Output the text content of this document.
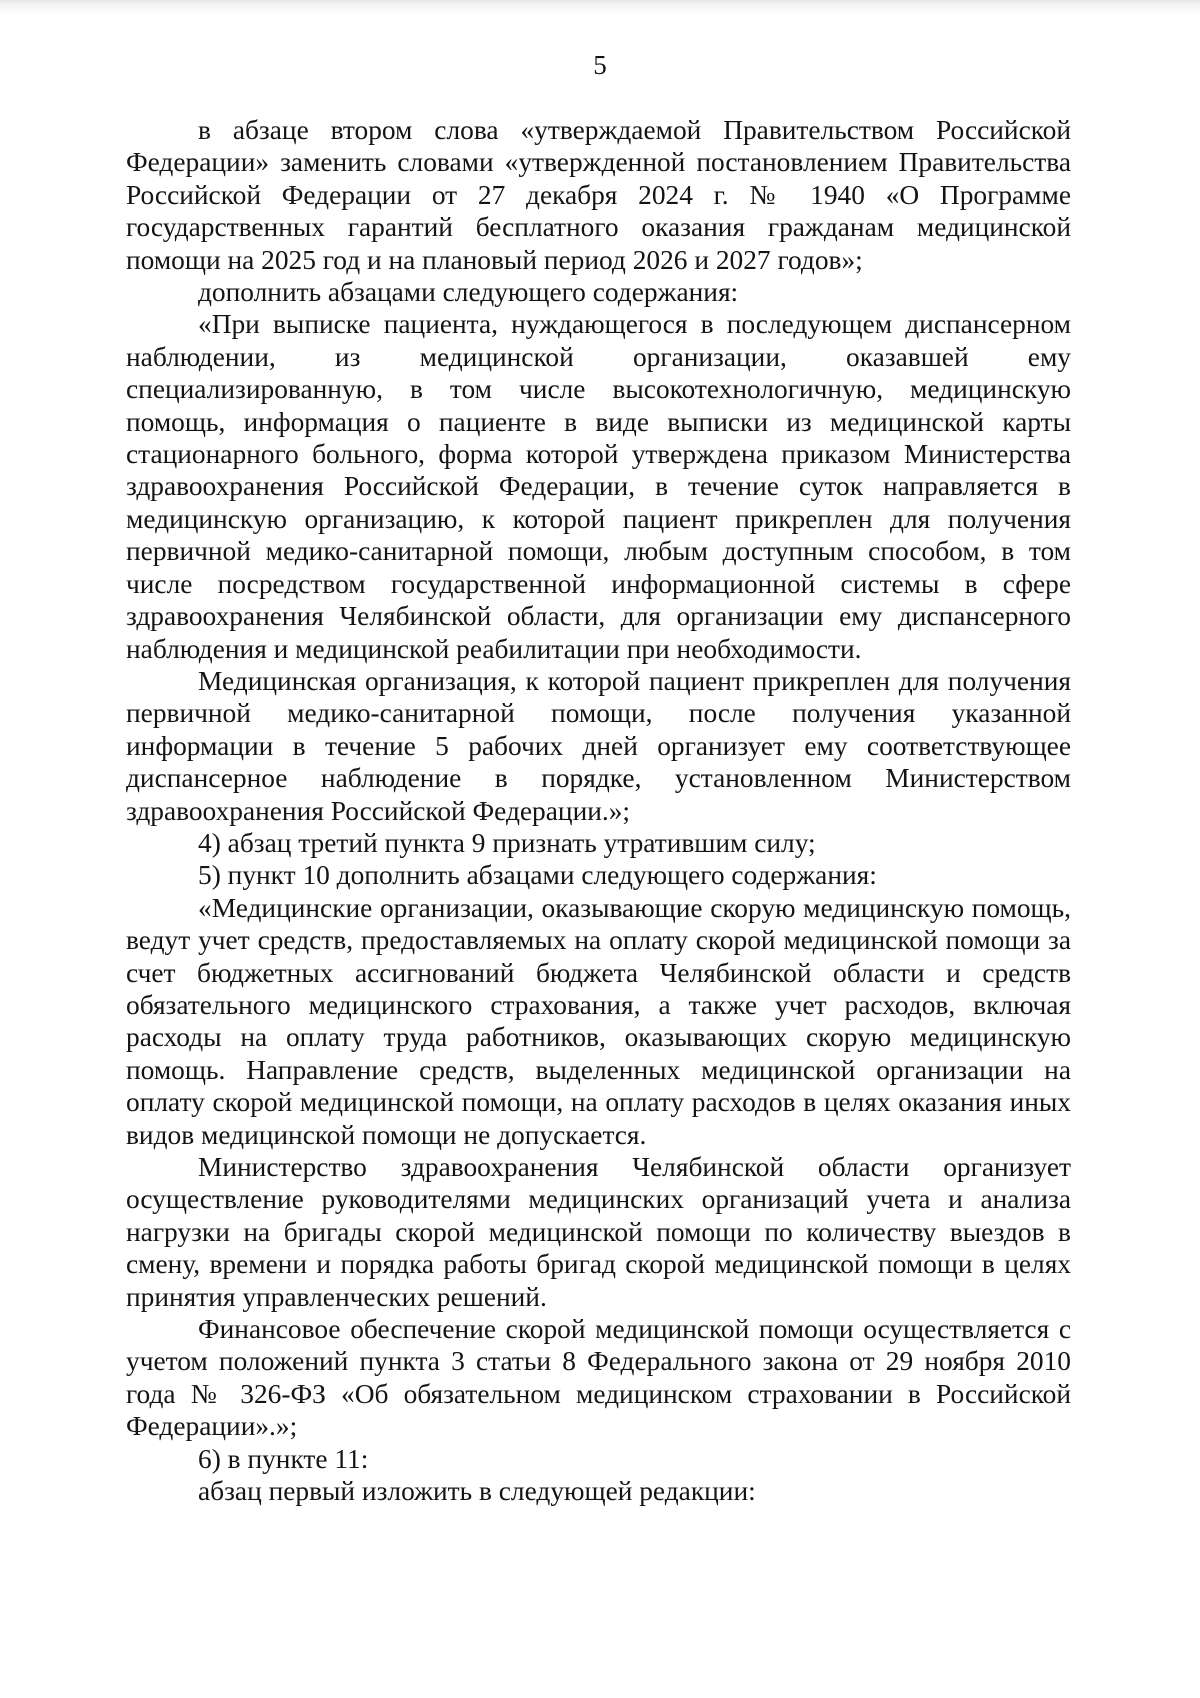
5

в абзаце втором слова «утверждаемой Правительством Российской Федерации» заменить словами «утвержденной постановлением Правительства Российской Федерации от 27 декабря 2024 г. № 1940 «О Программе государственных гарантий бесплатного оказания гражданам медицинской помощи на 2025 год и на плановый период 2026 и 2027 годов»;

дополнить абзацами следующего содержания:

«При выписке пациента, нуждающегося в последующем диспансерном наблюдении, из медицинской организации, оказавшей ему специализированную, в том числе высокотехнологичную, медицинскую помощь, информация о пациенте в виде выписки из медицинской карты стационарного больного, форма которой утверждена приказом Министерства здравоохранения Российской Федерации, в течение суток направляется в медицинскую организацию, к которой пациент прикреплен для получения первичной медико-санитарной помощи, любым доступным способом, в том числе посредством государственной информационной системы в сфере здравоохранения Челябинской области, для организации ему диспансерного наблюдения и медицинской реабилитации при необходимости.

Медицинская организация, к которой пациент прикреплен для получения первичной медико-санитарной помощи, после получения указанной информации в течение 5 рабочих дней организует ему соответствующее диспансерное наблюдение в порядке, установленном Министерством здравоохранения Российской Федерации.»;

4) абзац третий пункта 9 признать утратившим силу;

5) пункт 10 дополнить абзацами следующего содержания:

«Медицинские организации, оказывающие скорую медицинскую помощь, ведут учет средств, предоставляемых на оплату скорой медицинской помощи за счет бюджетных ассигнований бюджета Челябинской области и средств обязательного медицинского страхования, а также учет расходов, включая расходы на оплату труда работников, оказывающих скорую медицинскую помощь. Направление средств, выделенных медицинской организации на оплату скорой медицинской помощи, на оплату расходов в целях оказания иных видов медицинской помощи не допускается.

Министерство здравоохранения Челябинской области организует осуществление руководителями медицинских организаций учета и анализа нагрузки на бригады скорой медицинской помощи по количеству выездов в смену, времени и порядка работы бригад скорой медицинской помощи в целях принятия управленческих решений.

Финансовое обеспечение скорой медицинской помощи осуществляется с учетом положений пункта 3 статьи 8 Федерального закона от 29 ноября 2010 года № 326-ФЗ «Об обязательном медицинском страховании в Российской Федерации».»;

6) в пункте 11:

абзац первый изложить в следующей редакции:
